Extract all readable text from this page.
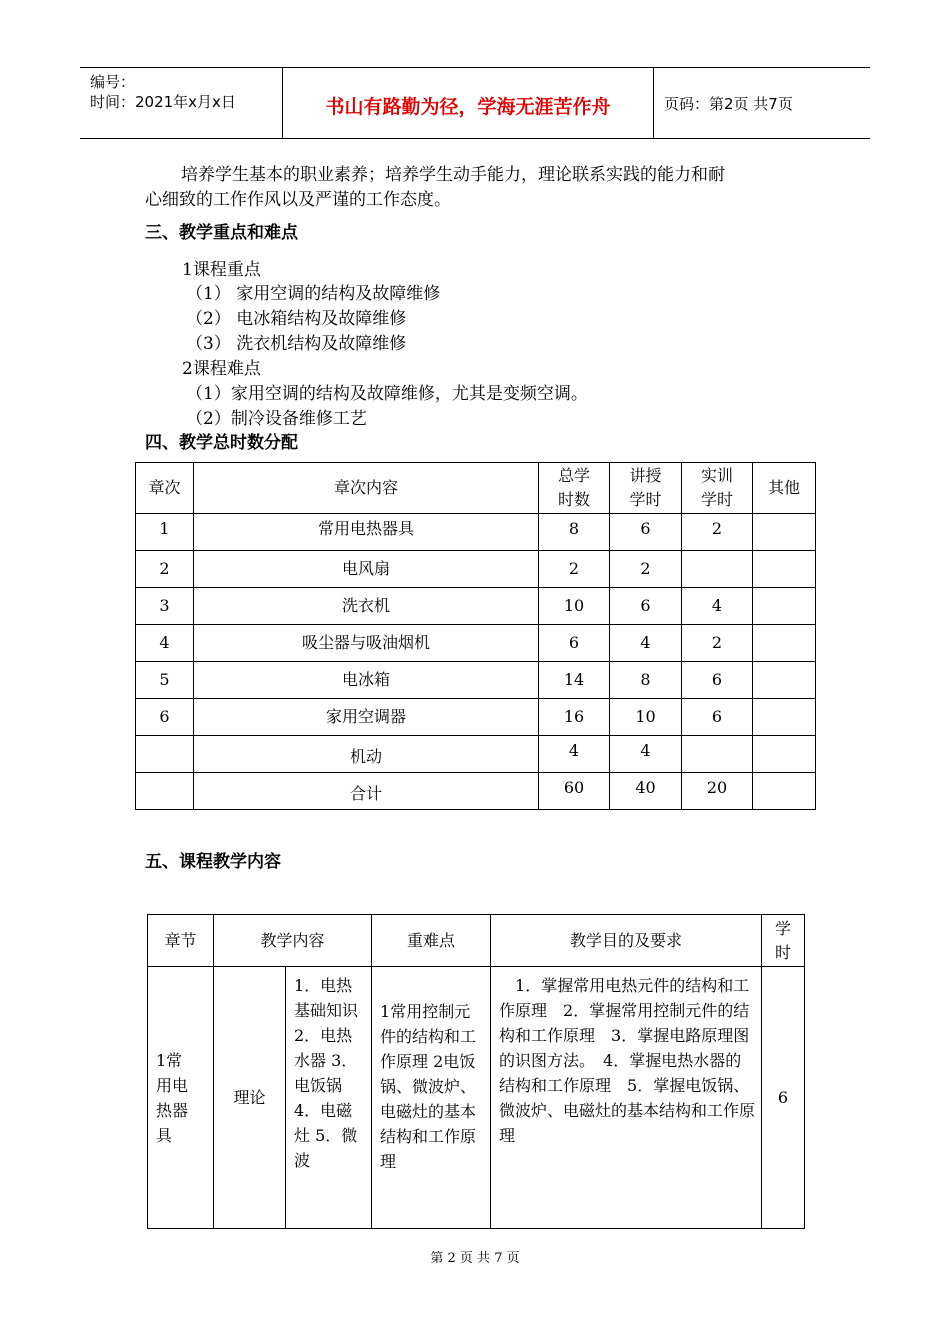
编号：
时间：2021年x月x日	书山有路勤为径，学海无涯苦作舟	页码：第2页 共7页
培养学生基本的职业素养；培养学生动手能力，理论联系实践的能力和耐
心细致的工作作风以及严谨的工作态度。
三、教学重点和难点
1课程重点
（1） 家用空调的结构及故障维修
（2） 电冰箱结构及故障维修
（3） 洗衣机结构及故障维修
2课程难点
（1）家用空调的结构及故障维修，尤其是变频空调。
（2）制冷设备维修工艺
四、教学总时数分配
章次	章次内容	总学时数	讲授学时	实训学时	其他
1	常用电热器具	8	6	2	
2	电风扇	2	2		
3	洗衣机	10	6	4	
4	吸尘器与吸油烟机	6	4	2	
5	电冰箱	14	8	6	
6	家用空调器	16	10	6	
	机动	4	4		
	合计	60	40	20	
五、课程教学内容
章节	教学内容		重难点	教学目的及要求	学时

1常用电热器具	理论	1．电热基础知识 2．电热水器 3．电饭锅 4．电磁灶 5．微波	1常用控制元件的结构和工作原理 2电饭锅、微波炉、电磁灶的基本结构和工作原理	　1．掌握常用电热元件的结构和工作原理　2．掌握常用控制元件的结构和工作原理　3．掌握电路原理图的识图方法。　4．掌握电热水器的结构和工作原理　5．掌握电饭锅、微波炉、电磁灶的基本结构和工作原理	6
第 2 页 共 7 页
